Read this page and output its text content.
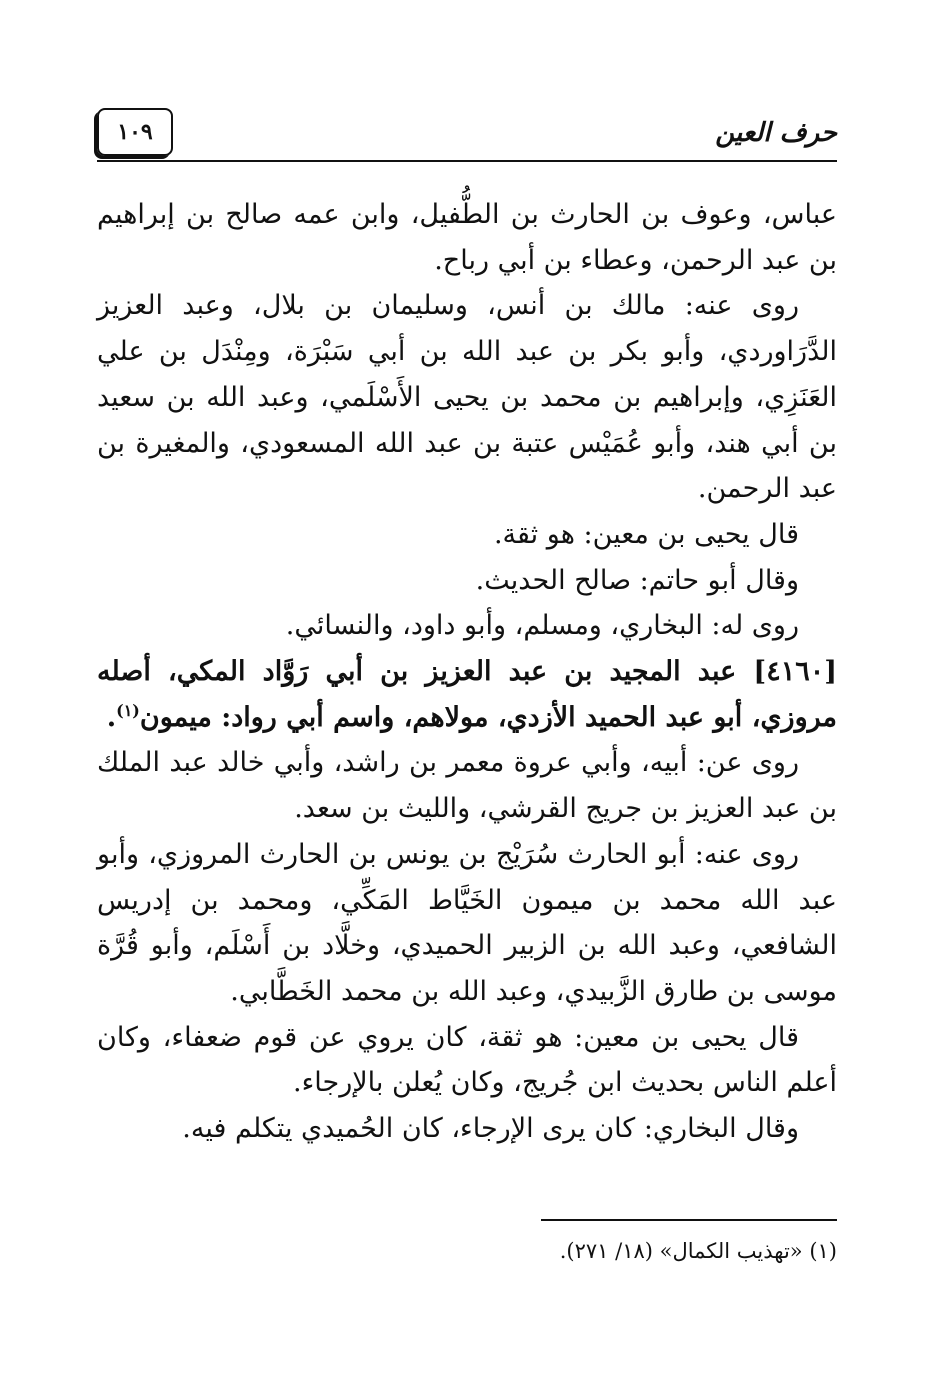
١٠٩	حرف العين

عباس، وعوف بن الحارث بن الطُّفيل، وابن عمه صالح بن إبراهيم بن عبد الرحمن، وعطاء بن أبي رباح.

روى عنه: مالك بن أنس، وسليمان بن بلال، وعبد العزيز الدَّرَاوردي، وأبو بكر بن عبد الله بن أبي سَبْرَة، ومِنْدَل بن علي العَنَزِي، وإبراهيم بن محمد بن يحيى الأَسْلَمي، وعبد الله بن سعيد بن أبي هند، وأبو عُمَيْس عتبة بن عبد الله المسعودي، والمغيرة بن عبد الرحمن.

قال يحيى بن معين: هو ثقة.

وقال أبو حاتم: صالح الحديث.

روى له: البخاري، ومسلم، وأبو داود، والنسائي.

[٤١٦٠] عبد المجيد بن عبد العزيز بن أبي رَوَّاد المكي، أصله مروزي، أبو عبد الحميد الأزدي، مولاهم، واسم أبي رواد: ميمون$^{(١)}$.

روى عن: أبيه، وأبي عروة معمر بن راشد، وأبي خالد عبد الملك بن عبد العزيز بن جريج القرشي، والليث بن سعد.

روى عنه: أبو الحارث سُرَيْج بن يونس بن الحارث المروزي، وأبو عبد الله محمد بن ميمون الخَيَّاط المَكِّي، ومحمد بن إدريس الشافعي، وعبد الله بن الزبير الحميدي، وخلَّاد بن أَسْلَم، وأبو قُرَّة موسى بن طارق الزَّبيدي، وعبد الله بن محمد الخَطَّابي.

قال يحيى بن معين: هو ثقة، كان يروي عن قوم ضعفاء، وكان أعلم الناس بحديث ابن جُريج، وكان يُعلن بالإرجاء.

وقال البخاري: كان يرى الإرجاء، كان الحُميدي يتكلم فيه.

(١) «تهذيب الكمال» (١٨/ ٢٧١).
